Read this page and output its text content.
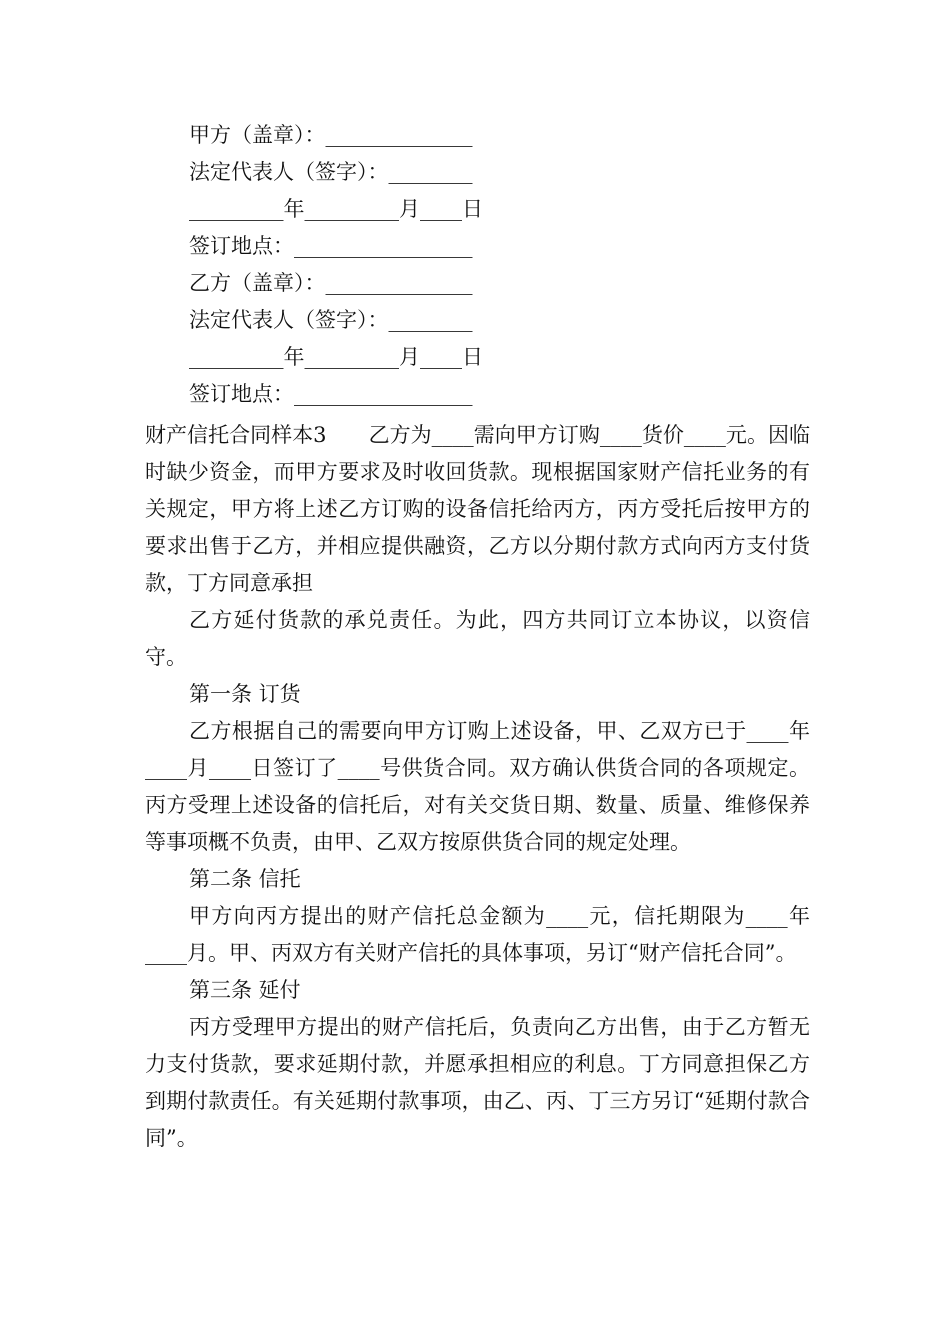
甲方（盖章）：______________
法定代表人（签字）：________
_________年_________月____日
签订地点：_________________
乙方（盖章）：______________
法定代表人（签字）：________
_________年_________月____日
签订地点：_________________

财产信托合同样本3　　乙方为____需向甲方订购____货价____元。因临时缺少资金，而甲方要求及时收回货款。现根据国家财产信托业务的有关规定，甲方将上述乙方订购的设备信托给丙方，丙方受托后按甲方的要求出售于乙方，并相应提供融资，乙方以分期付款方式向丙方支付货款，丁方同意承担

乙方延付货款的承兑责任。为此，四方共同订立本协议，以资信守。

第一条 订货

乙方根据自己的需要向甲方订购上述设备，甲、乙双方已于____年____月____日签订了____号供货合同。双方确认供货合同的各项规定。丙方受理上述设备的信托后，对有关交货日期、数量、质量、维修保养等事项概不负责，由甲、乙双方按原供货合同的规定处理。

第二条 信托

甲方向丙方提出的财产信托总金额为____元，信托期限为____年____月。甲、丙双方有关财产信托的具体事项，另订“财产信托合同”。

第三条 延付

丙方受理甲方提出的财产信托后，负责向乙方出售，由于乙方暂无力支付货款，要求延期付款，并愿承担相应的利息。丁方同意担保乙方到期付款责任。有关延期付款事项，由乙、丙、丁三方另订“延期付款合同”。
